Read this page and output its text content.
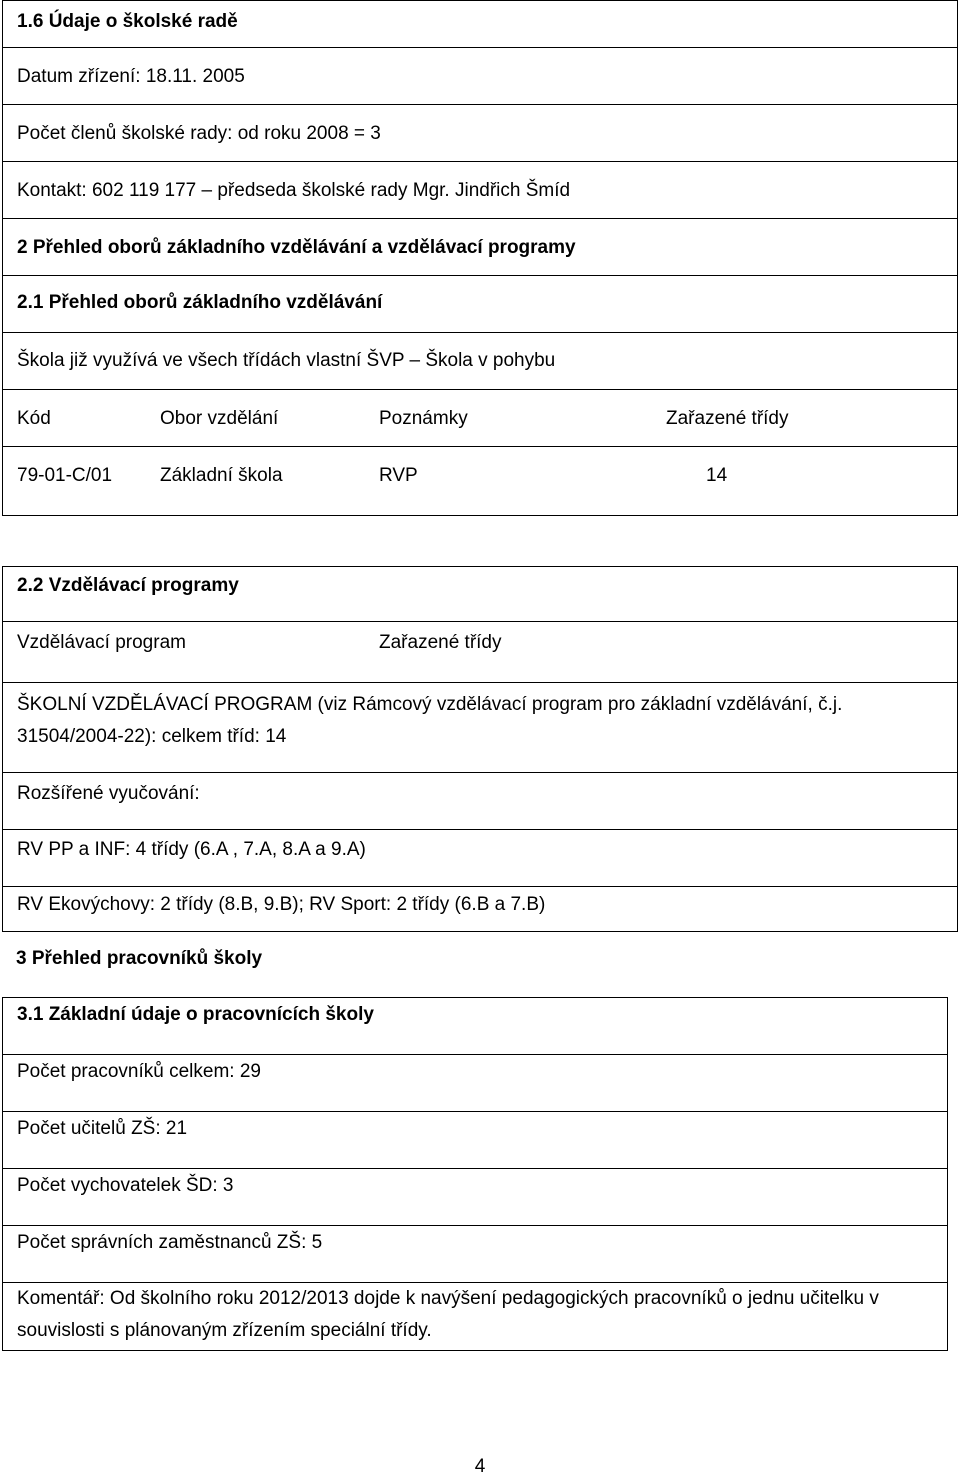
1.6 Údaje o školské radě
Datum zřízení: 18.11. 2005
Počet členů školské rady: od roku 2008 = 3
Kontakt: 602 119 177 – předseda školské rady Mgr. Jindřich Šmíd
2 Přehled oborů základního vzdělávání a vzdělávací programy
2.1 Přehled oborů základního vzdělávání
Škola již využívá ve všech třídách vlastní ŠVP – Škola v pohybu
Kód	Obor vzdělání	Poznámky	Zařazené třídy
79-01-C/01	Základní škola	RVP	14
2.2 Vzdělávací programy
Vzdělávací program	Zařazené třídy
ŠKOLNÍ VZDĚLÁVACÍ PROGRAM (viz Rámcový vzdělávací program pro základní vzdělávání, č.j. 31504/2004-22): celkem tříd: 14
Rozšířené vyučování:
RV PP a INF: 4 třídy (6.A , 7.A, 8.A a 9.A)
RV Ekovýchovy: 2 třídy (8.B, 9.B); RV Sport: 2 třídy (6.B a 7.B)
3 Přehled pracovníků školy
3.1 Základní údaje o pracovnících školy
Počet pracovníků celkem: 29
Počet učitelů ZŠ: 21
Počet vychovatelek ŠD: 3
Počet správních zaměstnanců ZŠ: 5
Komentář: Od školního roku 2012/2013 dojde k navýšení pedagogických pracovníků o jednu učitelku v souvislosti s plánovaným zřízením speciální třídy.
4
